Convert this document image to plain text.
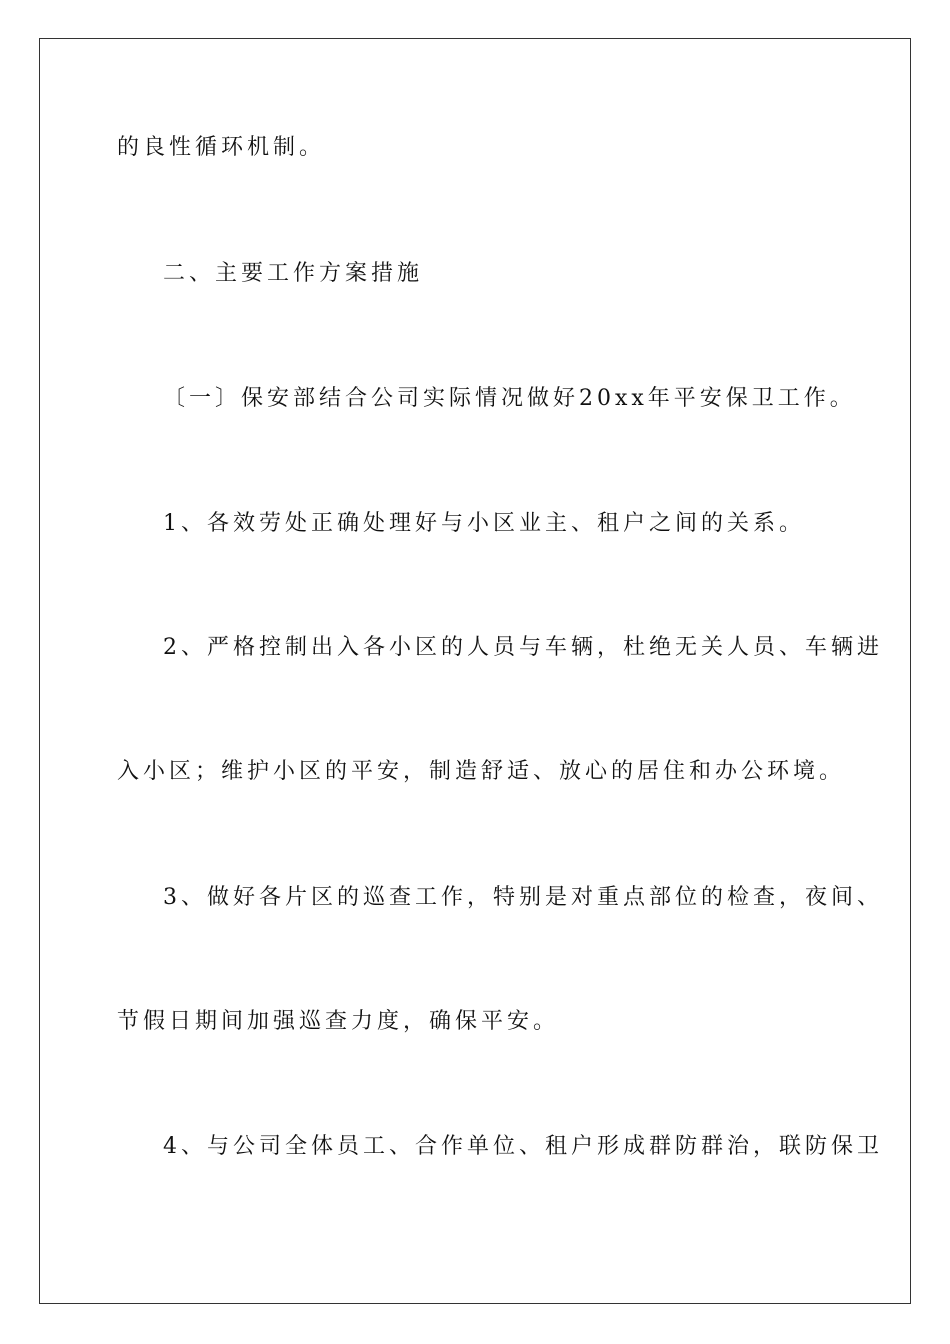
的良性循环机制。
二、主要工作方案措施
〔一〕保安部结合公司实际情况做好20xx年平安保卫工作。
1、各效劳处正确处理好与小区业主、租户之间的关系。
2、严格控制出入各小区的人员与车辆，杜绝无关人员、车辆进
入小区；维护小区的平安，制造舒适、放心的居住和办公环境。
3、做好各片区的巡查工作，特别是对重点部位的检查，夜间、
节假日期间加强巡查力度，确保平安。
4、与公司全体员工、合作单位、租户形成群防群治，联防保卫
